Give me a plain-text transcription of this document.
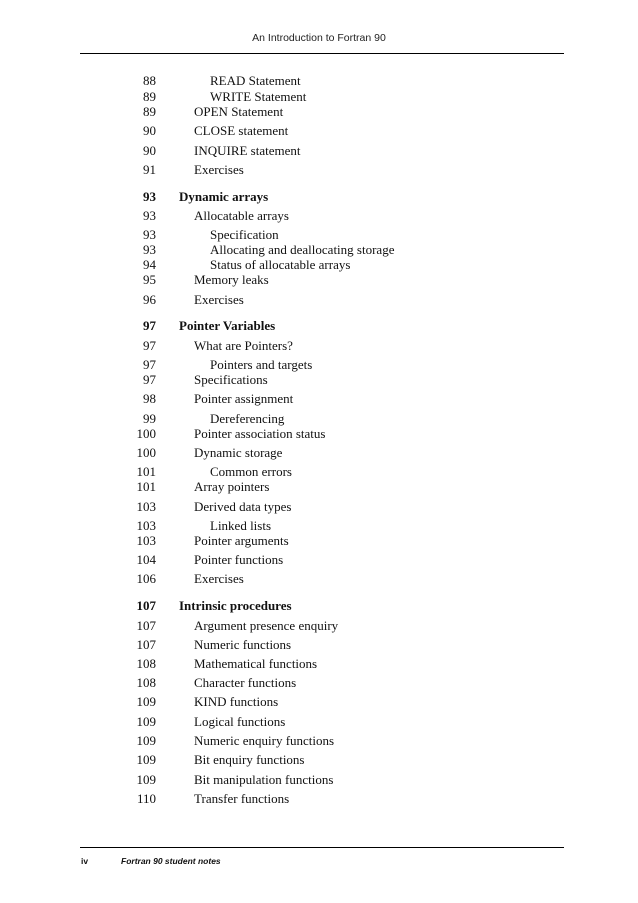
An Introduction to Fortran 90
88	READ Statement
89	WRITE Statement
89	OPEN Statement
90	CLOSE statement
90	INQUIRE statement
91	Exercises
93 Dynamic arrays
93	Allocatable arrays
93	Specification
93	Allocating and deallocating storage
94	Status of allocatable arrays
95	Memory leaks
96	Exercises
97 Pointer Variables
97	What are Pointers?
97	Pointers and targets
97	Specifications
98	Pointer assignment
99	Dereferencing
100	Pointer association status
100	Dynamic storage
101	Common errors
101	Array pointers
103	Derived data types
103	Linked lists
103	Pointer arguments
104	Pointer functions
106	Exercises
107 Intrinsic procedures
107	Argument presence enquiry
107	Numeric functions
108	Mathematical functions
108	Character functions
109	KIND functions
109	Logical functions
109	Numeric enquiry functions
109	Bit enquiry functions
109	Bit manipulation functions
110	Transfer functions
iv	Fortran 90 student notes
